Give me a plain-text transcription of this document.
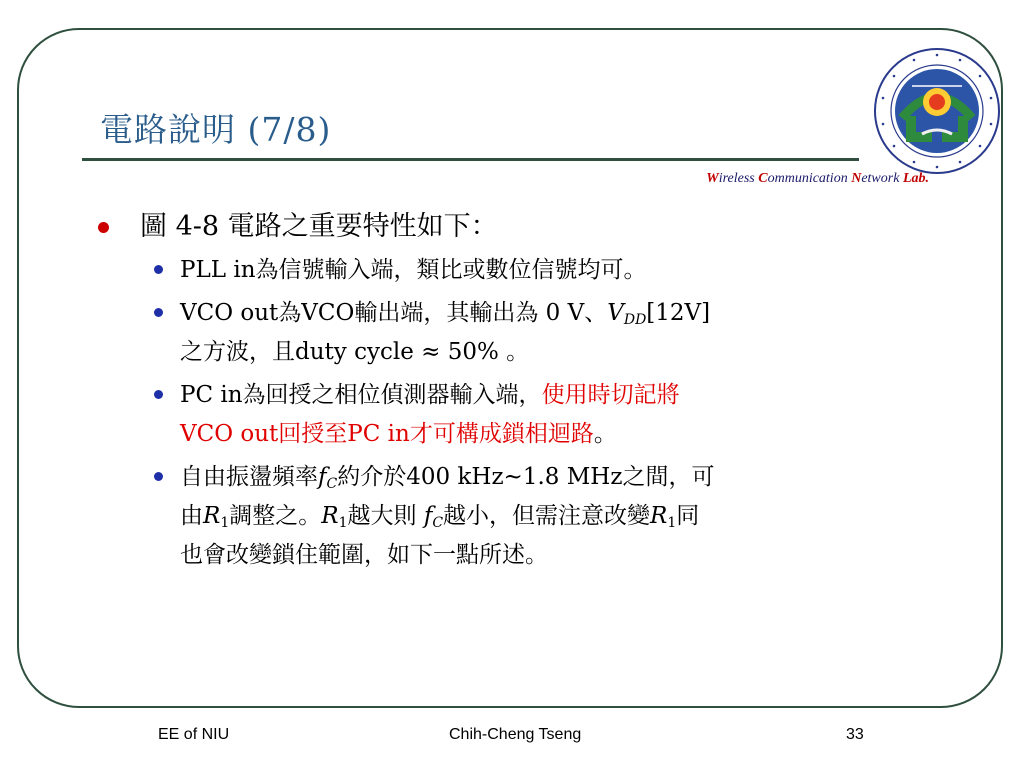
電路說明 (7/8)
Wireless Communication Network Lab.
圖 4-8 電路之重要特性如下：
PLL in為信號輸入端，類比或數位信號均可。
VCO out為VCO輸出端，其輸出為 0 V、$V_{DD}[12V]$
之方波，且duty cycle ≈ 50% 。
PC in為回授之相位偵測器輸入端，使用時切記將
VCO out回授至PC in才可構成鎖相迴路。
自由振盪頻率$f_C$約介於400 kHz~1.8 MHz之間，可
由$R_1$調整之。$R_1$越大則 $f_C$越小，但需注意改變$R_1$同
也會改變鎖住範圍，如下一點所述。
EE of NIU	Chih-Cheng Tseng	33
